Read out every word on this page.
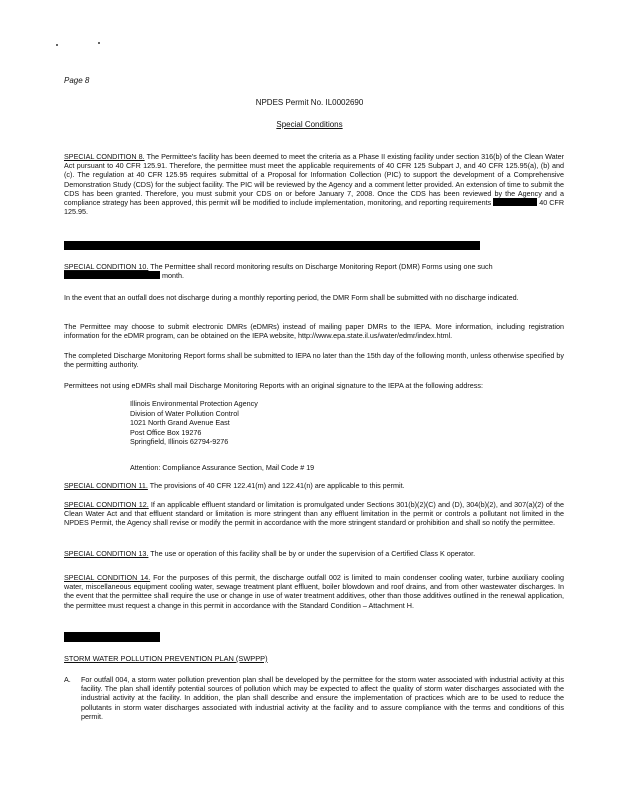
Page 8
NPDES Permit No. IL0002690
Special Conditions
SPECIAL CONDITION 8. The Permittee's facility has been deemed to meet the criteria as a Phase II existing facility under section 316(b) of the Clean Water Act pursuant to 40 CFR 125.91. Therefore, the permittee must meet the applicable requirements of 40 CFR 125 Subpart J, and 40 CFR 125.95(a), (b) and (c). The regulation at 40 CFR 125.95 requires submittal of a Proposal for Information Collection (PIC) to support the development of a Comprehensive Demonstration Study (CDS) for the subject facility. The PIC will be reviewed by the Agency and a comment letter provided. An extension of time to submit the CDS has been granted. Therefore, you must submit your CDS on or before January 7, 2008. Once the CDS has been reviewed by the Agency and a compliance strategy has been approved, this permit will be modified to include implementation, monitoring, and reporting requirements	40 CFR 125.95.
SPECIAL CONDITION 10. The Permittee shall record monitoring results on Discharge Monitoring Report (DMR) Forms using one such
month.
In the event that an outfall does not discharge during a monthly reporting period, the DMR Form shall be submitted with no discharge indicated.
The Permittee may choose to submit electronic DMRs (eDMRs) instead of mailing paper DMRs to the IEPA. More information, including registration information for the eDMR program, can be obtained on the IEPA website, http://www.epa.state.il.us/water/edmr/index.html.
The completed Discharge Monitoring Report forms shall be submitted to IEPA no later than the 15th day of the following month, unless otherwise specified by the permitting authority.
Permittees not using eDMRs shall mail Discharge Monitoring Reports with an original signature to the IEPA at the following address:
Illinois Environmental Protection Agency
Division of Water Pollution Control
1021 North Grand Avenue East
Post Office Box 19276
Springfield, Illinois 62794-9276
Attention: Compliance Assurance Section, Mail Code # 19
SPECIAL CONDITION 11. The provisions of 40 CFR 122.41(m) and 122.41(n) are applicable to this permit.
SPECIAL CONDITION 12. If an applicable effluent standard or limitation is promulgated under Sections 301(b)(2)(C) and (D), 304(b)(2), and 307(a)(2) of the Clean Water Act and that effluent standard or limitation is more stringent than any effluent limitation in the permit or controls a pollutant not limited in the NPDES Permit, the Agency shall revise or modify the permit in accordance with the more stringent standard or prohibition and shall so notify the permittee.
SPECIAL CONDITION 13. The use or operation of this facility shall be by or under the supervision of a Certified Class K operator.
SPECIAL CONDITION 14. For the purposes of this permit, the discharge outfall 002 is limited to main condenser cooling water, turbine auxiliary cooling water, miscellaneous equipment cooling water, sewage treatment plant effluent, boiler blowdown and roof drains, and from other wastewater discharges. In the event that the permittee shall require the use or change in use of water treatment additives, other than those additives outlined in the renewal application, the permittee must request a change in this permit in accordance with the Standard Condition – Attachment H.
STORM WATER POLLUTION PREVENTION PLAN (SWPPP)
A. For outfall 004, a storm water pollution prevention plan shall be developed by the permittee for the storm water associated with industrial activity at this facility. The plan shall identify potential sources of pollution which may be expected to affect the quality of storm water discharges associated with the industrial activity at the facility. In addition, the plan shall describe and ensure the implementation of practices which are to be used to reduce the pollutants in storm water discharges associated with industrial activity at the facility and to assure compliance with the terms and conditions of this permit.
